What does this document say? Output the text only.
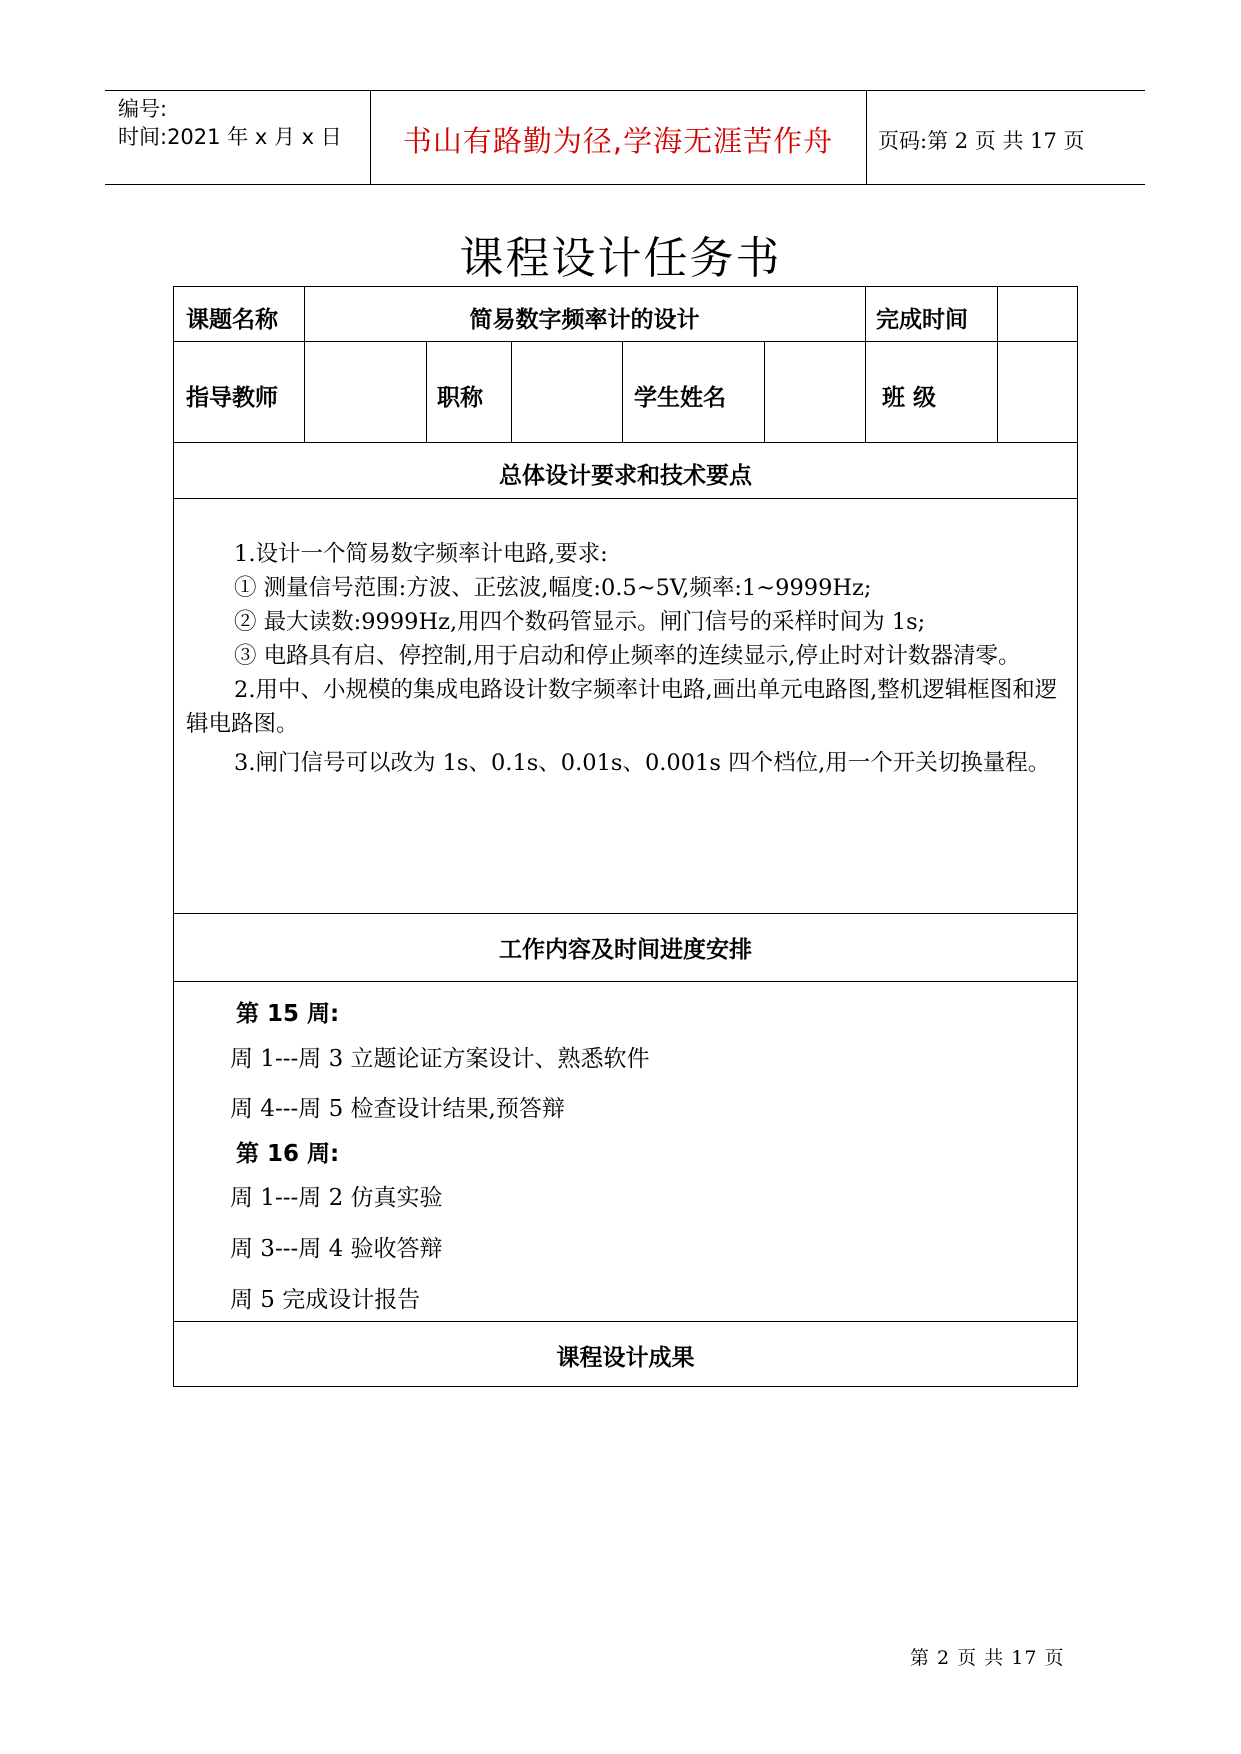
编号:
时间:2021 年 x 月 x 日	书山有路勤为径,学海无涯苦作舟	页码:第 2 页 共 17 页
课程设计任务书
课题名称	简易数字频率计的设计	完成时间
指导教师	职称	学生姓名	班 级
总体设计要求和技术要点

1.设计一个简易数字频率计电路,要求:

① 测量信号范围:方波、正弦波,幅度:0.5~5V,频率:1~9999Hz;

② 最大读数:9999Hz,用四个数码管显示。闸门信号的采样时间为 1s;

③ 电路具有启、停控制,用于启动和停止频率的连续显示,停止时对计数器清零。

2.用中、小规模的集成电路设计数字频率计电路,画出单元电路图,整机逻辑框图和逻辑电路图。

3.闸门信号可以改为 1s、0.1s、0.01s、0.001s 四个档位,用一个开关切换量程。

工作内容及时间进度安排
第 15 周:
周 1---周 3 立题论证方案设计、熟悉软件
周 4---周 5 检查设计结果,预答辩
第 16 周:
周 1---周 2 仿真实验
周 3---周 4 验收答辩
周 5 完成设计报告
课程设计成果
第 2 页 共 17 页
